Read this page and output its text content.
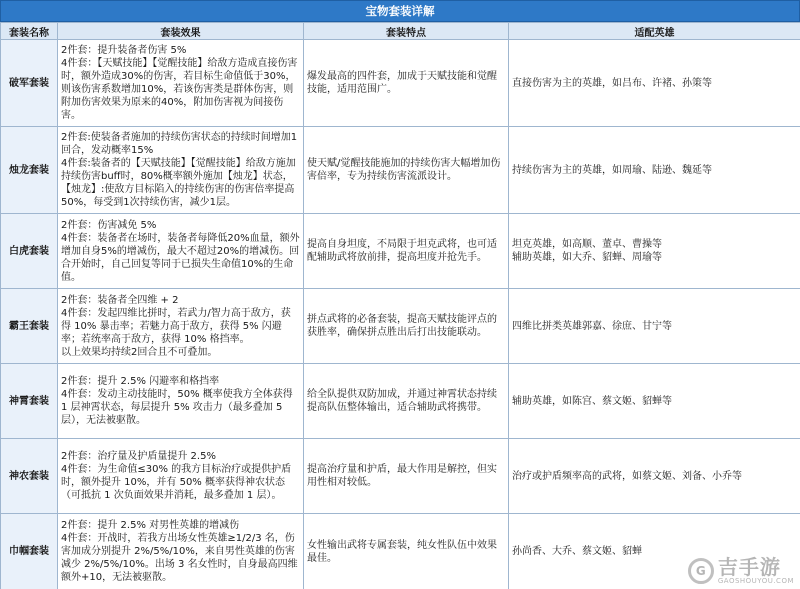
宝物套装详解
套装名称	套装效果	套装特点	适配英雄
破军套装	2件套：提升装备者伤害 5%
4件套：【天赋技能】【觉醒技能】给敌方造成直接伤害时，额外造成30%的伤害，若目标生命值低于30%，则该伤害系数增加10%，若该伤害类是群体伤害，则附加伤害效果为原来的40%，附加伤害视为间接伤害。	爆发最高的四件套，加成于天赋技能和觉醒技能，适用范围广。	直接伤害为主的英雄，如吕布、许褚、孙策等
烛龙套装	2件套:使装备者施加的持续伤害状态的持续时间增加1回合，发动概率15%
4件套:装备者的【天赋技能】【觉醒技能】给敌方施加持续伤害buff时，80%概率额外施加【烛龙】状态，【烛龙】:使敌方目标陷入的持续伤害的伤害倍率提高50%，每受到1次持续伤害，减少1层。	使天赋/觉醒技能施加的持续伤害大幅增加伤害倍率，专为持续伤害流派设计。	持续伤害为主的英雄，如周瑜、陆逊、魏延等
白虎套装	2件套：伤害减免 5%
4件套：装备者在场时，装备者每降低20%血量，额外增加自身5%的增减伤，最大不超过20%的增减伤。回合开始时，自己回复等同于已损失生命值10%的生命值。	提高自身坦度，不局限于坦克武将，也可适配辅助武将放前排，提高坦度并抢先手。	坦克英雄，如高顺、董卓、曹操等
辅助英雄，如大乔、貂蝉、周瑜等
霸王套装	2件套：装备者全四维 + 2
4件套：发起四维比拼时，若武力/智力高于敌方，获得 10% 暴击率；若魅力高于敌方，获得 5% 闪避率；若统率高于敌方，获得 10% 格挡率。
以上效果均持续2回合且不可叠加。	拼点武将的必备套装，提高天赋技能评点的获胜率，确保拼点胜出后打出技能联动。	四维比拼类英雄郭嘉、徐庶、甘宁等
神霄套装	2件套：提升 2.5% 闪避率和格挡率
4件套：发动主动技能时，50% 概率使我方全体获得 1 层神霄状态，每层提升 5% 攻击力（最多叠加 5 层），无法被驱散。	给全队提供双防加成，并通过神霄状态持续提高队伍整体输出，适合辅助武将携带。	辅助英雄，如陈宫、蔡文姬、貂蝉等
神农套装	2件套：治疗量及护盾量提升 2.5%
4件套：为生命值≤30% 的我方目标治疗或提供护盾时，额外提升 10%，并有 50% 概率获得神农状态（可抵抗 1 次负面效果并消耗，最多叠加 1 层）。	提高治疗量和护盾，最大作用是解控，但实用性相对较低。	治疗或护盾频率高的武将，如蔡文姬、刘备、小乔等
巾帼套装	2件套：提升 2.5% 对男性英雄的增减伤
4件套：开战时，若我方出场女性英雄≥1/2/3 名，伤害加成分别提升 2%/5%/10%，来自男性英雄的伤害减少 2%/5%/10%。出场 3 名女性时，自身最高四维额外+10，无法被驱散。	女性输出武将专属套装，纯女性队伍中效果最佳。	孙尚香、大乔、蔡文姬、貂蝉
G 吉手游
GAOSHOUYOU.COM
